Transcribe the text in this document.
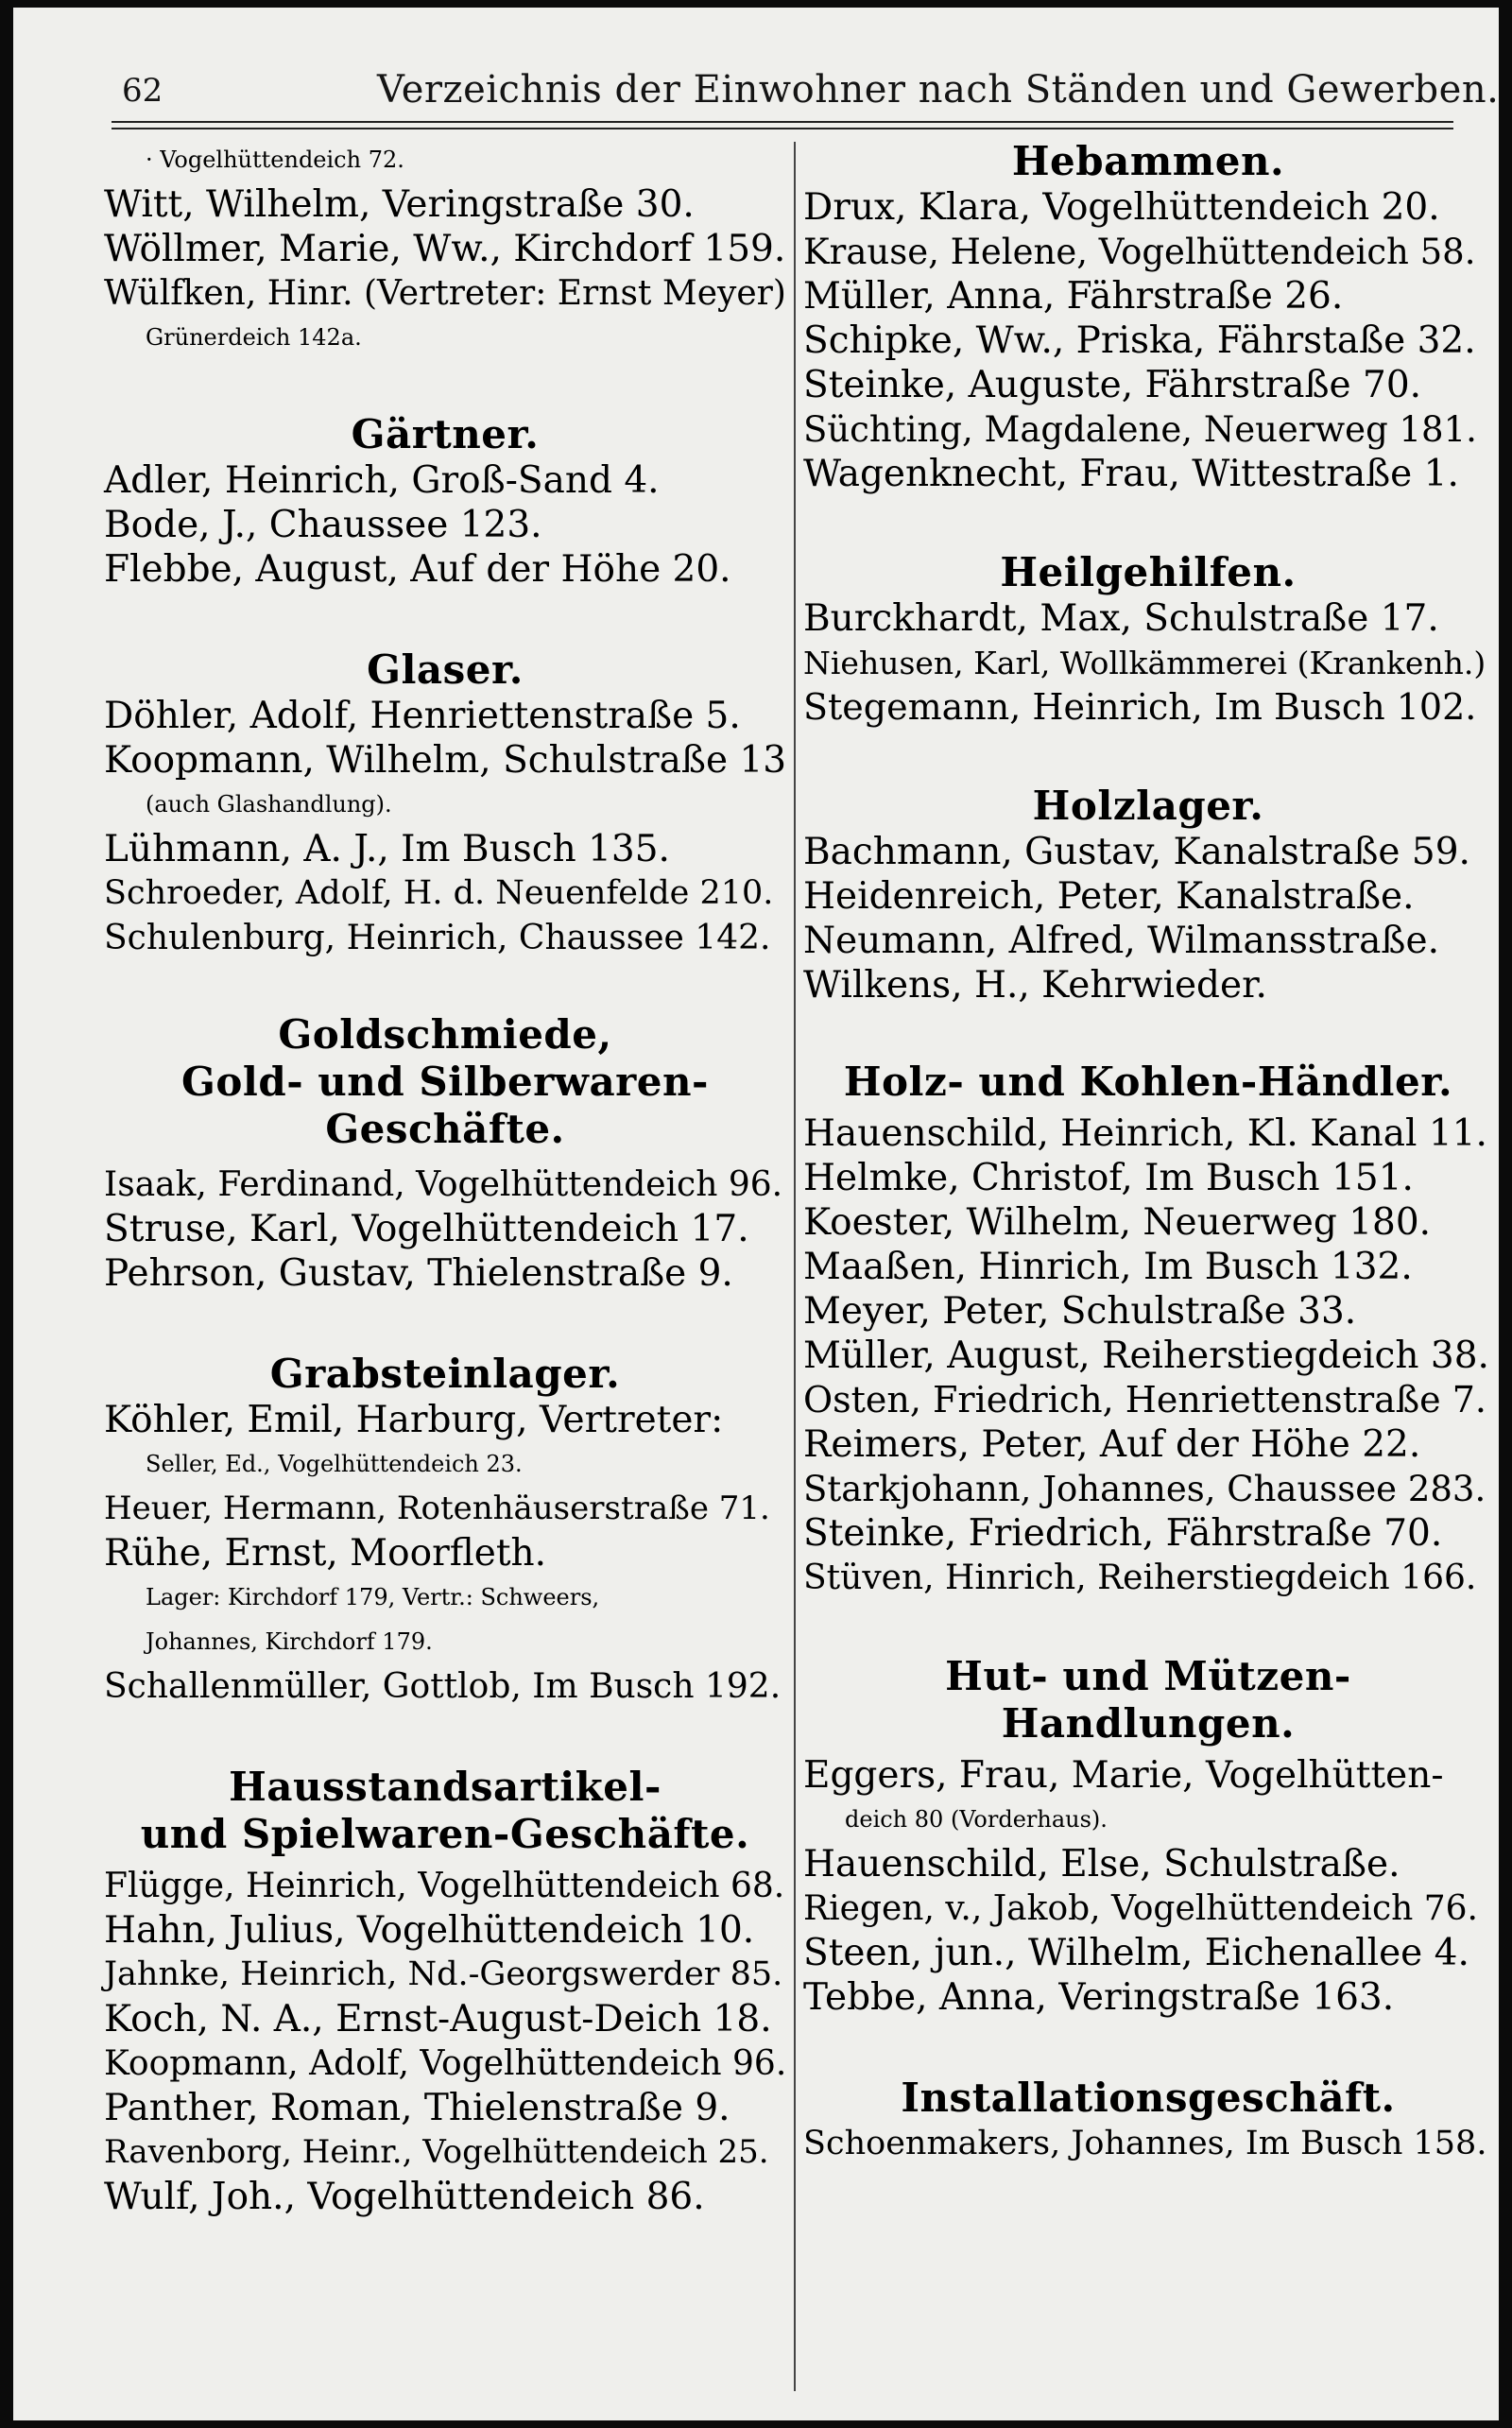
62	Verzeichnis der Einwohner nach Ständen und Gewerben.
· Vogelhüttendeich 72.
Witt, Wilhelm, Veringstraße 30.
Wöllmer, Marie, Ww., Kirchdorf 159.
Wülfken, Hinr. (Vertreter: Ernst Meyer)
Grünerdeich 142a.
Gärtner.
Adler, Heinrich, Groß-Sand 4.
Bode, J., Chaussee 123.
Flebbe, August, Auf der Höhe 20.
Glaser.
Döhler, Adolf, Henriettenstraße 5.
Koopmann, Wilhelm, Schulstraße 13
(auch Glashandlung).
Lühmann, A. J., Im Busch 135.
Schroeder, Adolf, H. d. Neuenfelde 210.
Schulenburg, Heinrich, Chaussee 142.
Goldschmiede,
Gold- und Silberwaren-Geschäfte.
Isaak, Ferdinand, Vogelhüttendeich 96.
Struse, Karl, Vogelhüttendeich 17.
Pehrson, Gustav, Thielenstraße 9.
Grabsteinlager.
Köhler, Emil, Harburg, Vertreter:
Seller, Ed., Vogelhüttendeich 23.
Heuer, Hermann, Rotenhäuserstraße 71.
Rühe, Ernst, Moorfleth.
Lager: Kirchdorf 179, Vertr.: Schweers,
Johannes, Kirchdorf 179.
Schallenmüller, Gottlob, Im Busch 192.
Hausstandsartikel-
und Spielwaren-Geschäfte.
Flügge, Heinrich, Vogelhüttendeich 68.
Hahn, Julius, Vogelhüttendeich 10.
Jahnke, Heinrich, Nd.-Georgswerder 85.
Koch, N. A., Ernst-August-Deich 18.
Koopmann, Adolf, Vogelhüttendeich 96.
Panther, Roman, Thielenstraße 9.
Ravenborg, Heinr., Vogelhüttendeich 25.
Wulf, Joh., Vogelhüttendeich 86.
Hebammen.
Drux, Klara, Vogelhüttendeich 20.
Krause, Helene, Vogelhüttendeich 58.
Müller, Anna, Fährstraße 26.
Schipke, Ww., Priska, Fährstaße 32.
Steinke, Auguste, Fährstraße 70.
Süchting, Magdalene, Neuerweg 181.
Wagenknecht, Frau, Wittestraße 1.
Heilgehilfen.
Burckhardt, Max, Schulstraße 17.
Niehusen, Karl, Wollkämmerei (Krankenh.)
Stegemann, Heinrich, Im Busch 102.
Holzlager.
Bachmann, Gustav, Kanalstraße 59.
Heidenreich, Peter, Kanalstraße.
Neumann, Alfred, Wilmansstraße.
Wilkens, H., Kehrwieder.
Holz- und Kohlen-Händler.
Hauenschild, Heinrich, Kl. Kanal 11.
Helmke, Christof, Im Busch 151.
Koester, Wilhelm, Neuerweg 180.
Maaßen, Hinrich, Im Busch 132.
Meyer, Peter, Schulstraße 33.
Müller, August, Reiherstiegdeich 38.
Osten, Friedrich, Henriettenstraße 7.
Reimers, Peter, Auf der Höhe 22.
Starkjohann, Johannes, Chaussee 283.
Steinke, Friedrich, Fährstraße 70.
Stüven, Hinrich, Reiherstiegdeich 166.
Hut- und Mützen-Handlungen.
Eggers, Frau, Marie, Vogelhütten-
deich 80 (Vorderhaus).
Hauenschild, Else, Schulstraße.
Riegen, v., Jakob, Vogelhüttendeich 76.
Steen, jun., Wilhelm, Eichenallee 4.
Tebbe, Anna, Veringstraße 163.
Installationsgeschäft.
Schoenmakers, Johannes, Im Busch 158.
